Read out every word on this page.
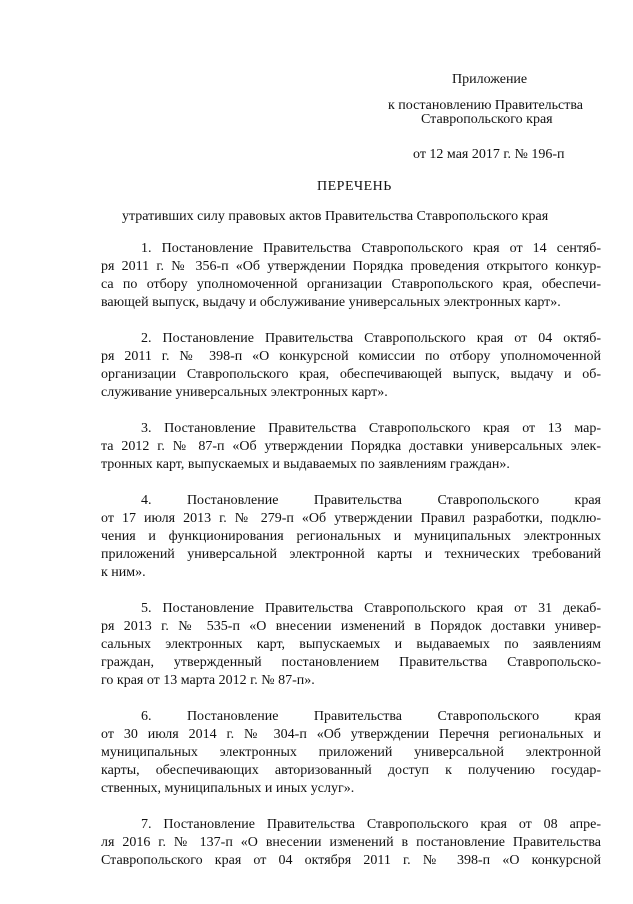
Приложение
к постановлению Правительства
Ставропольского края
от 12 мая 2017 г. № 196-п
ПЕРЕЧЕНЬ
утративших силу правовых актов Правительства Ставропольского края
1. Постановление Правительства Ставропольского края от 14 сентяб-
ря 2011 г. № 356-п «Об утверждении Порядка проведения открытого конкур-
са по отбору уполномоченной организации Ставропольского края, обеспечи-
вающей выпуск, выдачу и обслуживание универсальных электронных карт».
2. Постановление Правительства Ставропольского края от 04 октяб-
ря 2011 г. № 398-п «О конкурсной комиссии по отбору уполномоченной
организации Ставропольского края, обеспечивающей выпуск, выдачу и об-
служивание универсальных электронных карт».
3. Постановление Правительства Ставропольского края от 13 мар-
та 2012 г. № 87-п «Об утверждении Порядка доставки универсальных элек-
тронных карт, выпускаемых и выдаваемых по заявлениям граждан».
4. Постановление Правительства Ставропольского края
от 17 июля 2013 г. № 279-п «Об утверждении Правил разработки, подклю-
чения и функционирования региональных и муниципальных электронных
приложений универсальной электронной карты и технических требований
к ним».
5. Постановление Правительства Ставропольского края от 31 декаб-
ря 2013 г. № 535-п «О внесении изменений в Порядок доставки универ-
сальных электронных карт, выпускаемых и выдаваемых по заявлениям
граждан, утвержденный постановлением Правительства Ставропольско-
го края от 13 марта 2012 г. № 87-п».
6. Постановление Правительства Ставропольского края
от 30 июля 2014 г. № 304-п «Об утверждении Перечня региональных и
муниципальных электронных приложений универсальной электронной
карты, обеспечивающих авторизованный доступ к получению государ-
ственных, муниципальных и иных услуг».
7. Постановление Правительства Ставропольского края от 08 апре-
ля 2016 г. № 137-п «О внесении изменений в постановление Правительства
Ставропольского края от 04 октября 2011 г. № 398-п «О конкурсной
